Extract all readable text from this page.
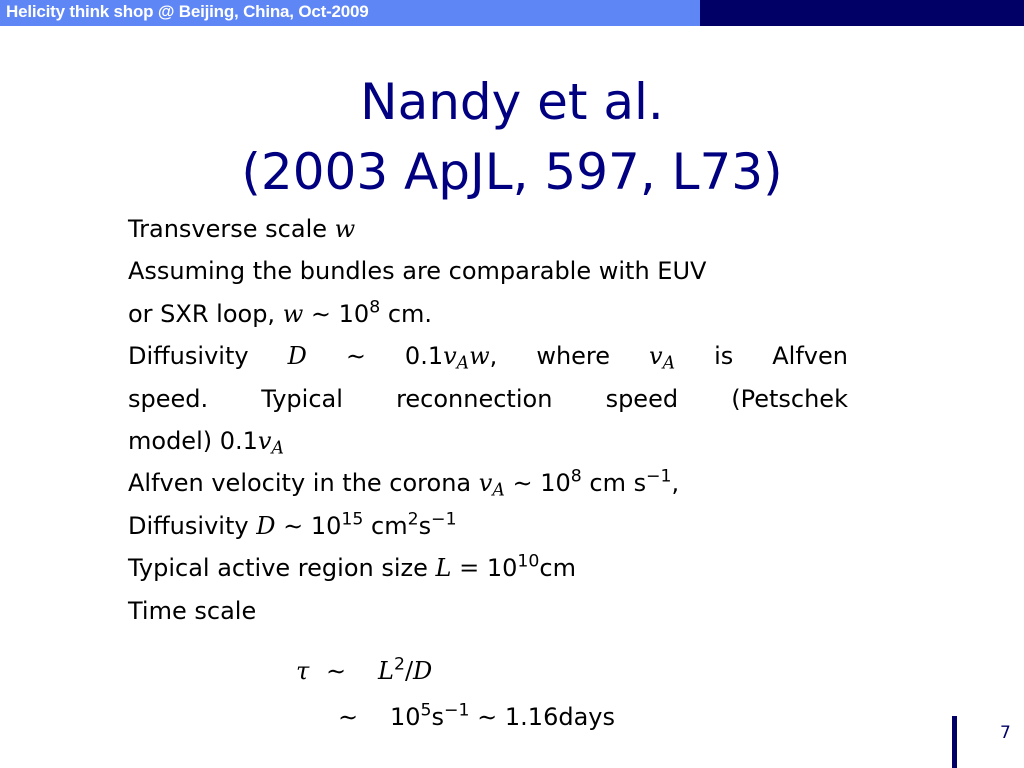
Helicity think shop @ Beijing, China, Oct-2009
Nandy et al.
(2003 ApJL, 597, L73)
Transverse scale w
Assuming the bundles are comparable with EUV
or SXR loop, w ∼ $10^8$ cm.
Diffusivity D ∼ $0.1v_Aw$, where $v_A$ is Alfven
speed. Typical reconnection speed (Petschek
model) $0.1v_A$
Alfven velocity in the corona $v_A$ ∼ $10^8$ cm $s^{-1}$,
Diffusivity D ∼ $10^{15}$ $cm^2s^{-1}$
Typical active region size $L = 10^{10}cm$
Time scale
τ ∼ $L^2/D$
∼ $10^5s^{-1}$ ∼ 1.16days
7
